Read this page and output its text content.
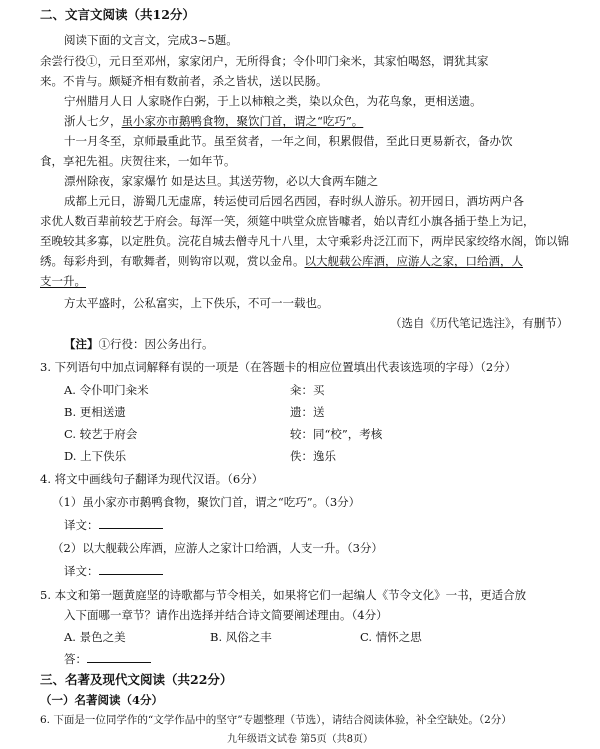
二、文言文阅读（共12分）
阅读下面的文言文，完成3~5题。
余尝行役①，元日至邓州，家家闭户，无所得食；令仆叩门籴米，其家怕喝怒，谓犹其家
来。不肯与。颇疑齐相有数前者，杀之皆状，送以民肠。
宁州腊月人日 人家晓作白粥，于上以柿粮之类，染以众色，为花鸟象，更相送遗。
浙人七夕，虽小家亦市鹅鸭食物，聚饮门首，谓之“吃巧”。
十一月冬至，京师最重此节。虽至贫者，一年之间，积累假借，至此日更易新衣，备办饮
食，享祀先祖。庆贺往来，一如年节。
漂州除夜，家家爆竹 如是达旦。其送劳物，必以大食两车随之
成都上元日，游蜀几无虚席，转运使司后园名西园，春时纵人游乐。初开园日，酒坊两户各
求优人数百辈前较艺于府会。每浑一笑，须筵中哄堂众庶皆噱者，始以青红小旗各插于垫上为记，
至晚较其多寡，以定胜负。浣花自城去僧寺凡十八里，太守乘彩舟泛江而下，两岸民家绞络水阁，饰以锦
绣。每彩舟到，有歌舞者，则钩帘以观，赏以金帛。以大舰载公库酒，应游人之家，口给酒，人
支一升。
方太平盛时，公私富实，上下佚乐，不可一一载也。
（选自《历代笔记选注》，有删节）
【注】①行役：因公务出行。
3. 下列语句中加点词解释有误的一项是（在答题卡的相应位置填出代表该选项的字母）（2分）
A. 令仆叩门籴米	籴：买
B. 更相送遗	遗：送
C. 较艺于府会	较：同“校”，考核
D. 上下佚乐	佚：逸乐
4. 将文中画线句子翻译为现代汉语。（6分）
（1）虽小家亦市鹅鸭食物，聚饮门首，谓之“吃巧”。（3分）
译文：
（2）以大舰载公库酒，应游人之家计口给酒，人支一升。（3分）
译文：
5. 本文和第一题黄庭坚的诗歌都与节令相关，如果将它们一起编人《节令文化》一书，更适合放
入下面哪一章节？请作出选择并结合诗文简要阐述理由。（4分）
A. 景色之美	B. 风俗之丰	C. 情怀之思
答：
三、名著及现代文阅读（共22分）
（一）名著阅读（4分）
6. 下面是一位同学作的“文学作品中的坚守”专题整理（节选），请结合阅读体验，补全空缺处。（2分）
九年级语文试卷 第5页（共8页）
